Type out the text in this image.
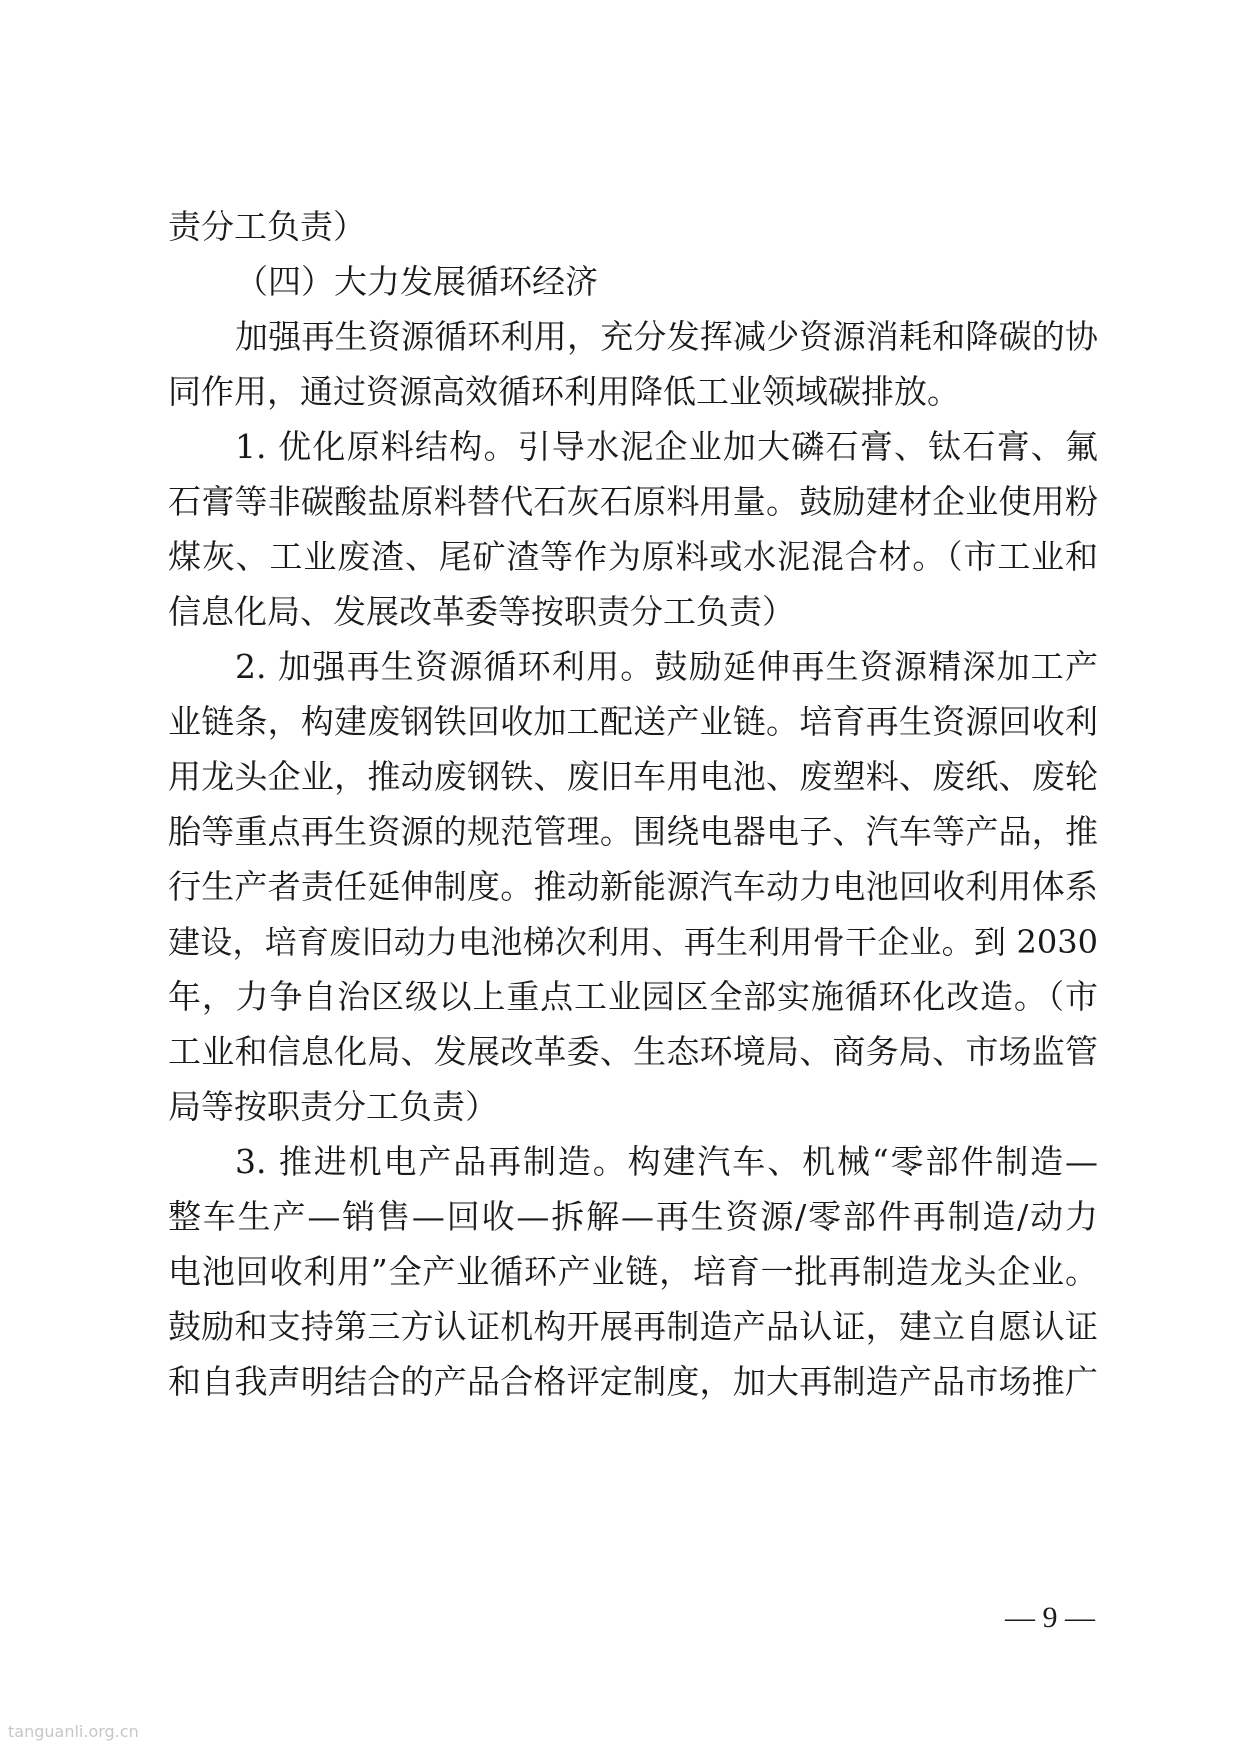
责分工负责）
（四）大力发展循环经济
加强再生资源循环利用，充分发挥减少资源消耗和降碳的协
同作用，通过资源高效循环利用降低工业领域碳排放。
1. 优化原料结构。引导水泥企业加大磷石膏、钛石膏、氟
石膏等非碳酸盐原料替代石灰石原料用量。鼓励建材企业使用粉
煤灰、工业废渣、尾矿渣等作为原料或水泥混合材。（市工业和
信息化局、发展改革委等按职责分工负责）
2. 加强再生资源循环利用。鼓励延伸再生资源精深加工产
业链条，构建废钢铁回收加工配送产业链。培育再生资源回收利
用龙头企业，推动废钢铁、废旧车用电池、废塑料、废纸、废轮
胎等重点再生资源的规范管理。围绕电器电子、汽车等产品，推
行生产者责任延伸制度。推动新能源汽车动力电池回收利用体系
建设，培育废旧动力电池梯次利用、再生利用骨干企业。到 2030
年，力争自治区级以上重点工业园区全部实施循环化改造。（市
工业和信息化局、发展改革委、生态环境局、商务局、市场监管
局等按职责分工负责）
3. 推进机电产品再制造。构建汽车、机械“零部件制造—
整车生产—销售—回收—拆解—再生资源/零部件再制造/动力
电池回收利用”全产业循环产业链，培育一批再制造龙头企业。
鼓励和支持第三方认证机构开展再制造产品认证，建立自愿认证
和自我声明结合的产品合格评定制度，加大再制造产品市场推广
— 9 —
tanguanli.org.cn
